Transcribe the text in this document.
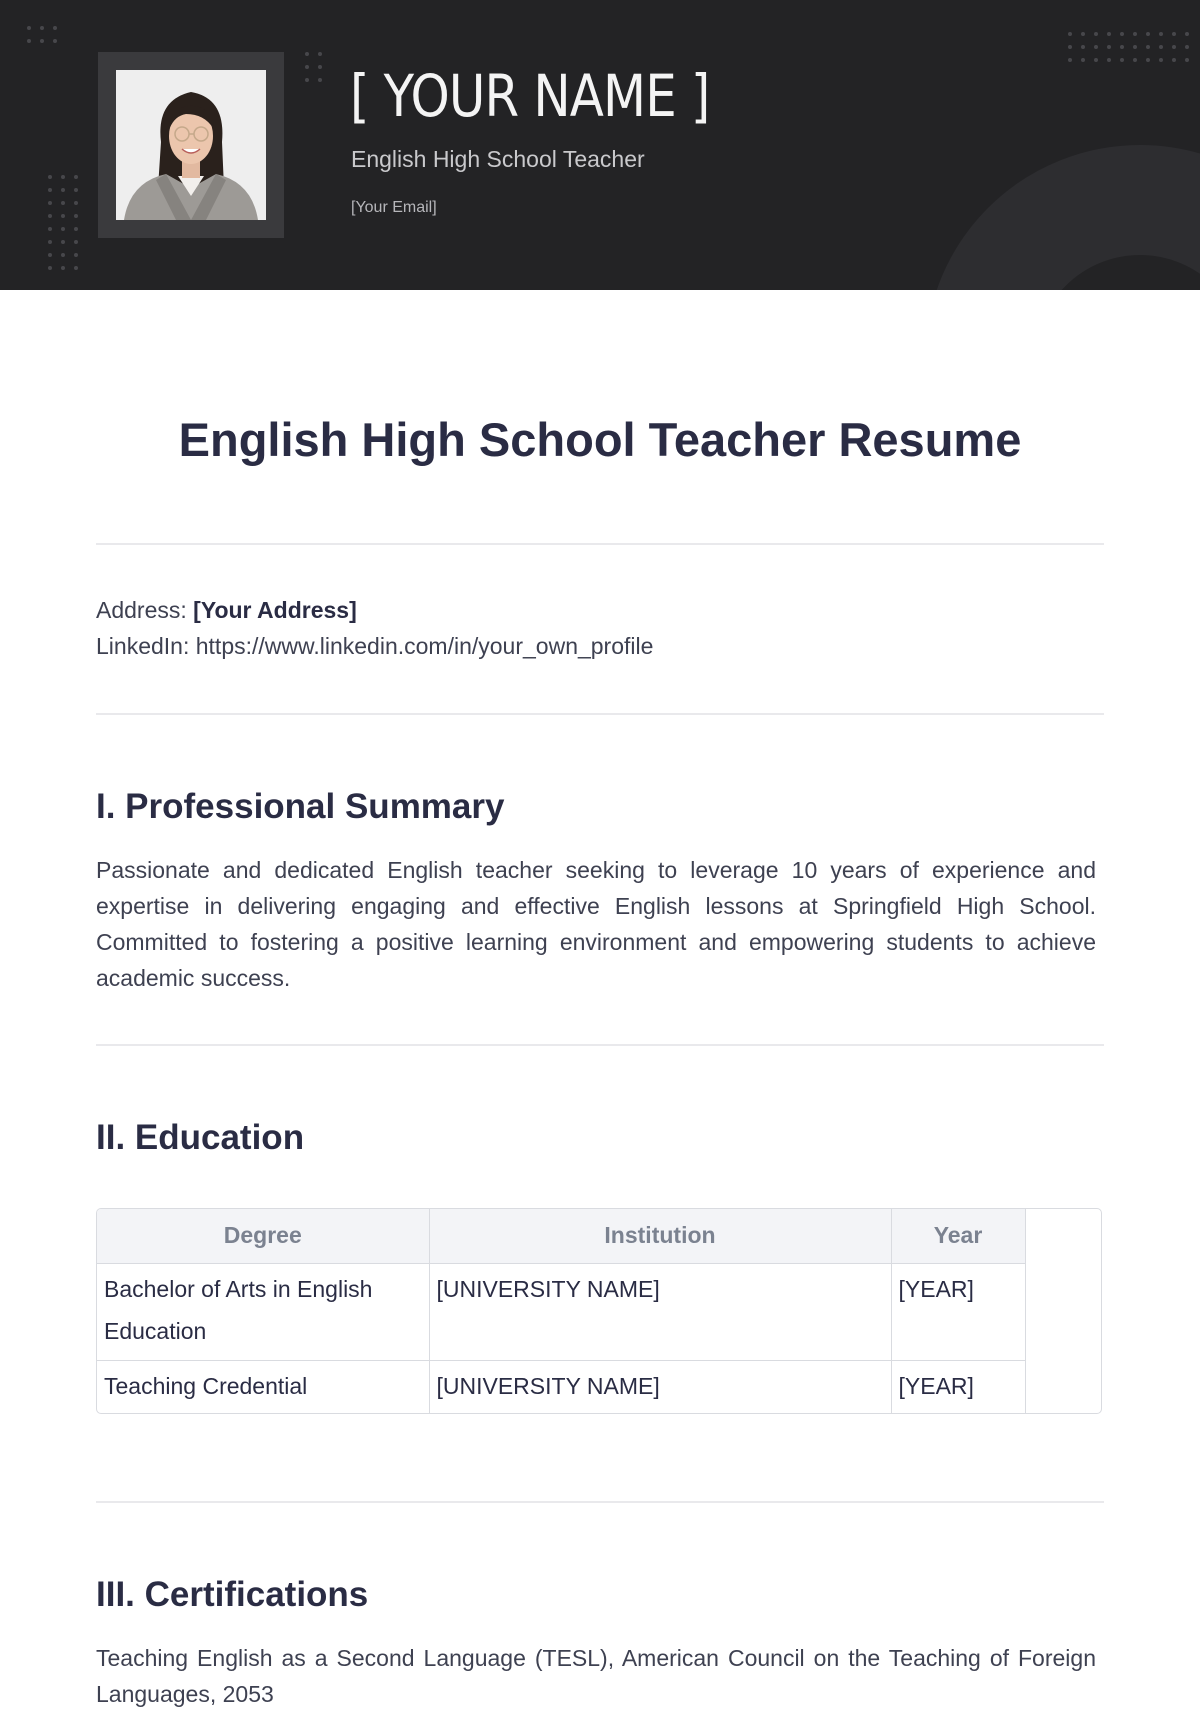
[ YOUR NAME ]
English High School Teacher
[Your Email]
English High School Teacher Resume
Address: [Your Address]
LinkedIn: https://www.linkedin.com/in/your_own_profile
I. Professional Summary

Passionate and dedicated English teacher seeking to leverage 10 years of experience and expertise in delivering engaging and effective English lessons at Springfield High School. Committed to fostering a positive learning environment and empowering students to achieve academic success.

II. Education
Degree	Institution	Year
Bachelor of Arts in English Education	[UNIVERSITY NAME]	[YEAR]
Teaching Credential	[UNIVERSITY NAME]	[YEAR]
III. Certifications

Teaching English as a Second Language (TESL), American Council on the Teaching of Foreign Languages, 2053
